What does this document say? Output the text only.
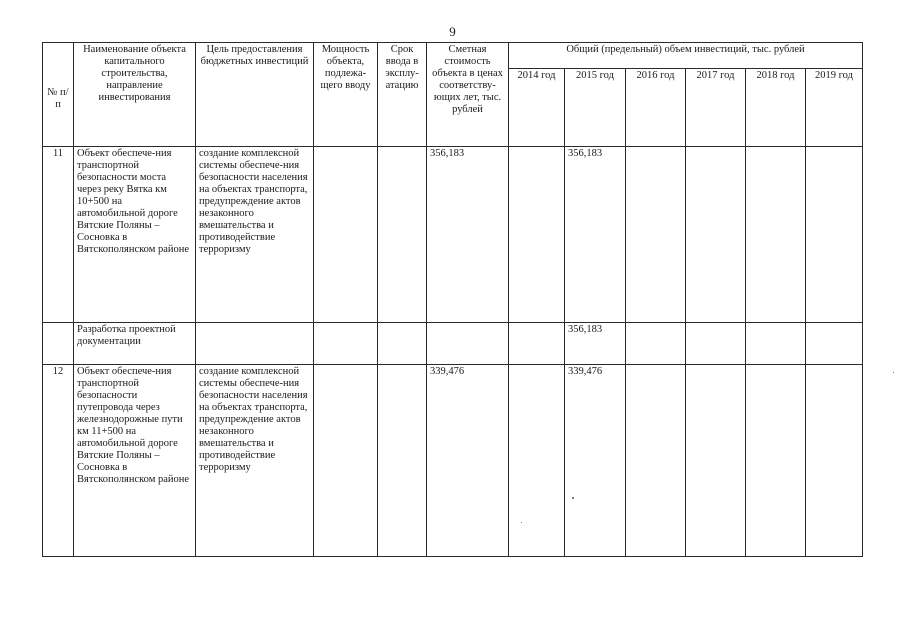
9
№ п/п	Наименование объекта капитального строительства, направление инвестирования	Цель предоставления бюджетных инвестиций	Мощность объекта, подлежа-щего вводу	Срок ввода в эксплу-атацию	Сметная стоимость объекта в ценах соответству-ющих лет, тыс. рублей	Общий (предельный) объем инвестиций, тыс. рублей					
						2014 год	2015 год	2016 год	2017 год	2018 год	2019 год
11	Объект обеспече-ния транспортной безопасности моста через реку Вятка км 10+500 на автомобильной дороге Вятские Поляны – Сосновка в Вятскополянском районе	создание комплексной системы обеспече-ния безопасности населения на объектах транспорта, предупреждение актов незаконного вмешательства и противодействие терроризму			356,183		356,183				
	Разработка проектной документации						356,183				
12	Объект обеспече-ния транспортной безопасности путепровода через железнодорожные пути км 11+500 на автомобильной дороге Вятские Поляны – Сосновка в Вятскополянском районе	создание комплексной системы обеспече-ния безопасности населения на объектах транспорта, предупреждение актов незаконного вмешательства и противодействие терроризму			339,476		339,476				
